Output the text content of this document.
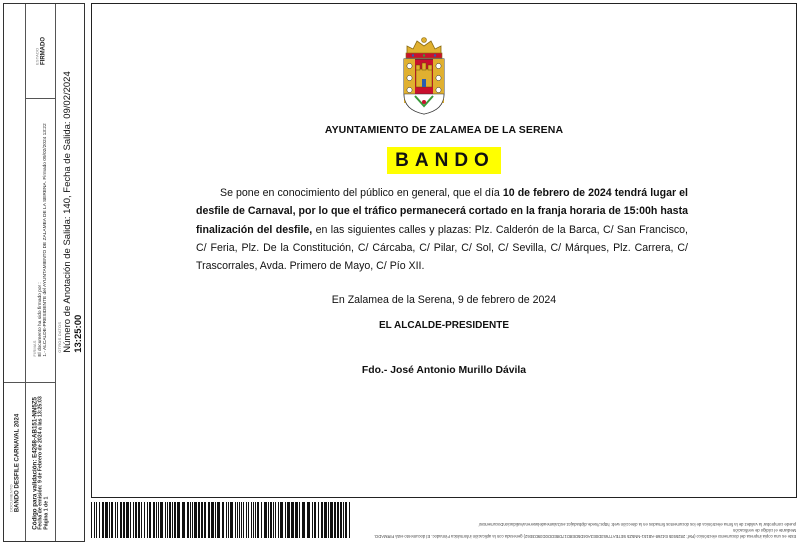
DOCUMENTO BANDO DESFILE CARNAVAL 2024
ESTADO FIRMADO
FIRMAS El documento ha sido firmado por : 1.- ALCALDE-PRESIDENTE del AYUNTAMIENTO DE ZALAMEA DE LA SERENA. Firmado 09/02/2024 13:22
Código para validación: E4268-AB151-NN5Z5 Fecha de emisión: 9 de Febrero de 2024 a las 13:25:03 Página 1 de 1
OTROS DATOS Número de Anotación de Salida: 140, Fecha de Salida: 09/02/2024 13:25:00
AYUNTAMIENTO DE ZALAMEA DE LA SERENA
BANDO
Se pone en conocimiento del público en general, que el día 10 de febrero de 2024 tendrá lugar el desfile de Carnaval, por lo que el tráfico permanecerá cortado en la franja horaria de 15:00h hasta finalización del desfile, en las siguientes calles y plazas: Plz. Calderón de la Barca, C/ San Francisco, C/ Feria, Plz. De la Constitución, C/ Cárcaba, C/ Pilar, C/ Sol, C/ Sevilla, C/ Márques, Plz. Carrera, C/ Trascorrales, Avda. Primero de Mayo, C/ Pío XII.
En Zalamea de la Serena, 9 de febrero de 2024
EL ALCALDE-PRESIDENTE
Fdo.- José Antonio Murillo Dávila
Este es una copia impresa del documento electrónico (Ref: 2825935 E4268-AB151-NN5Z5 5E7EA77653D0E3A04D5DE8D17D8EDD0D39D3E62) generada con la aplicación informática Firmadoc. El documento está FIRMADO. Mediante el código de verificación
puede comprobar la validez de la firma electrónica de los documentos firmados en la dirección web: https://sede.dipbadajoz.es/zalameadelaserena/validacionDocumentos/
